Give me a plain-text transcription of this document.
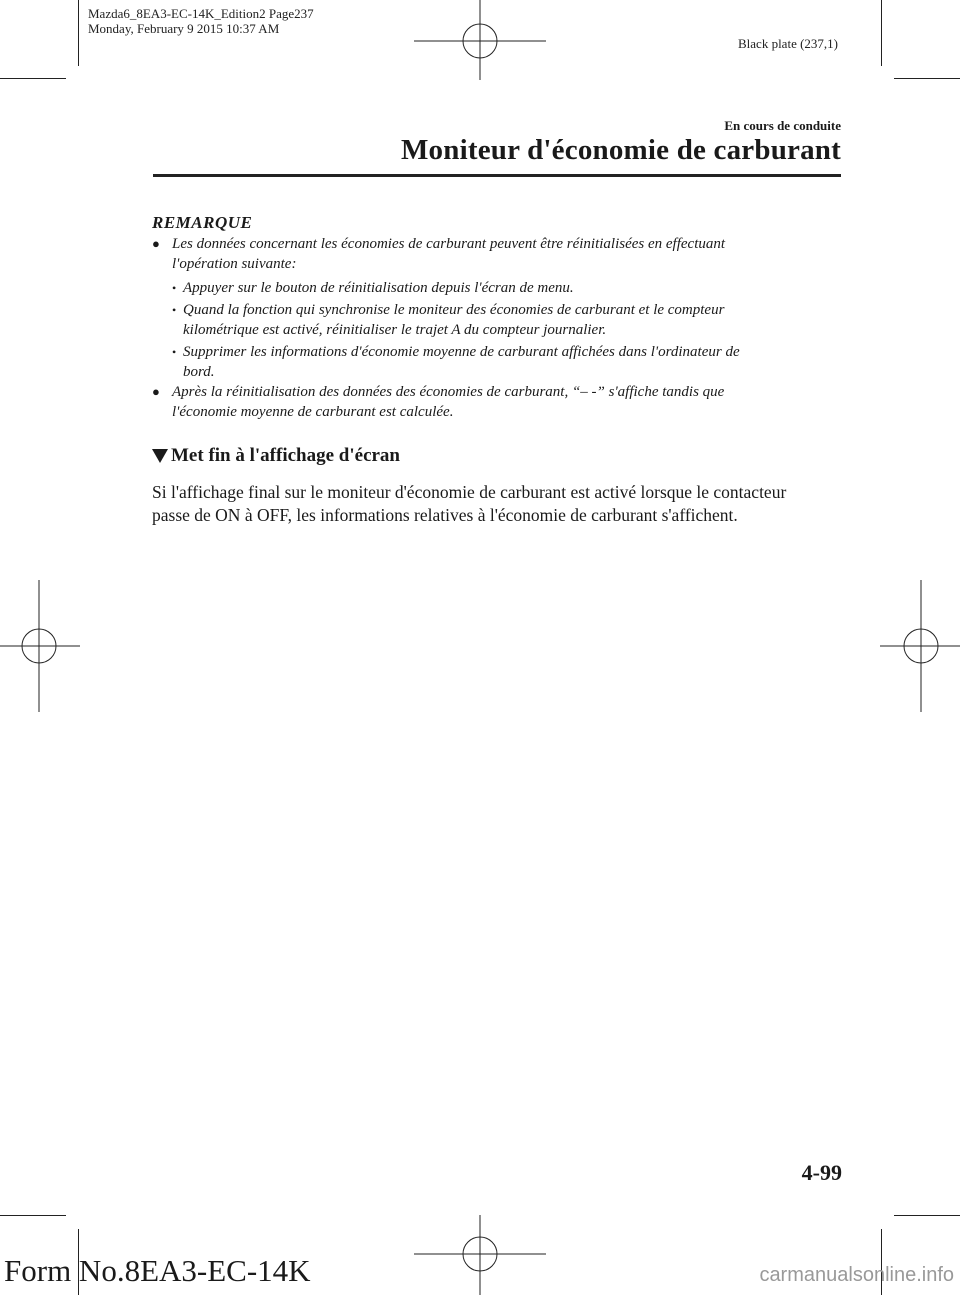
Mazda6_8EA3-EC-14K_Edition2 Page237
Monday, February 9 2015 10:37 AM
Black plate (237,1)
En cours de conduite
Moniteur d'économie de carburant
REMARQUE
● Les données concernant les économies de carburant peuvent être réinitialisées en effectuant
l'opération suivante:
• Appuyer sur le bouton de réinitialisation depuis l'écran de menu.
• Quand la fonction qui synchronise le moniteur des économies de carburant et le compteur
kilométrique est activé, réinitialiser le trajet A du compteur journalier.
• Supprimer les informations d'économie moyenne de carburant affichées dans l'ordinateur de
bord.
● Après la réinitialisation des données des économies de carburant, “– -” s'affiche tandis que
l'économie moyenne de carburant est calculée.
Met fin à l'affichage d'écran
Si l'affichage final sur le moniteur d'économie de carburant est activé lorsque le contacteur
passe de ON à OFF, les informations relatives à l'économie de carburant s'affichent.
4-99
Form No.8EA3-EC-14K	carmanualsonline.info
